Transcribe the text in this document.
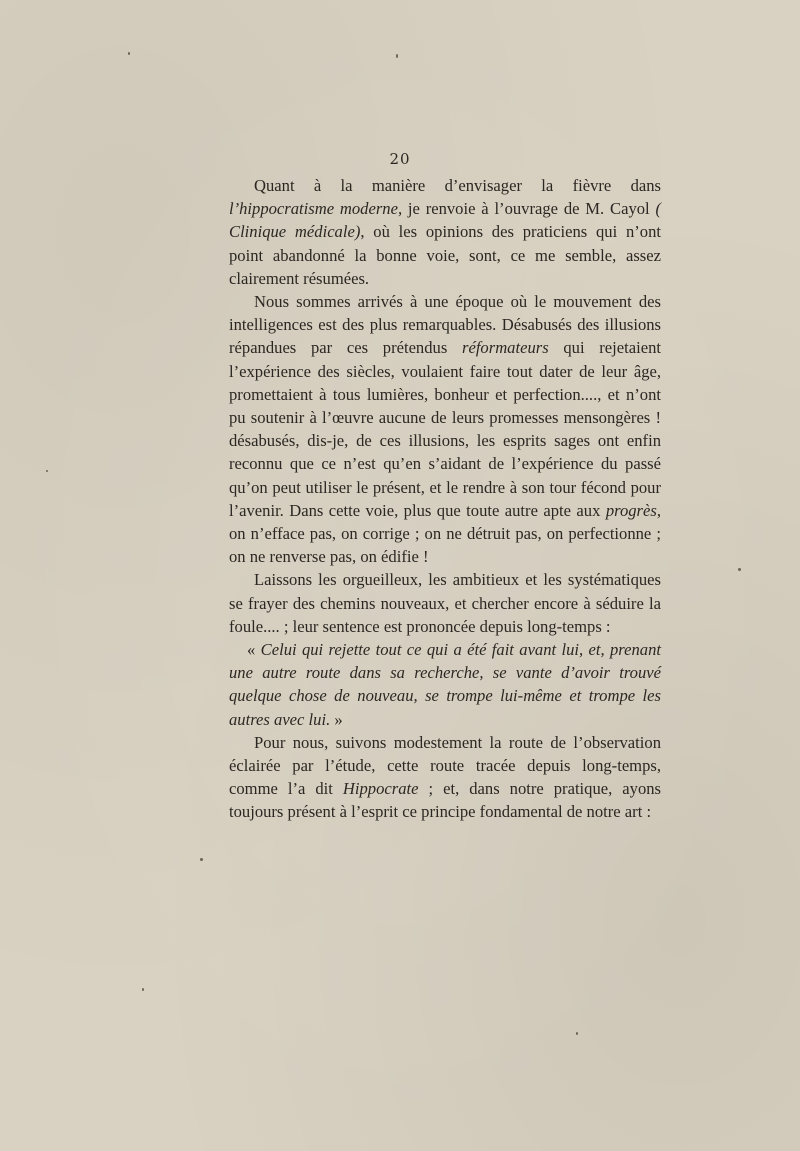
20

Quant à la manière d’envisager la fièvre dans l’hippocratisme moderne, je renvoie à l’ouvrage de M. Cayol ( Clinique médicale), où les opinions des praticiens qui n’ont point abandonné la bonne voie, sont, ce me semble, assez clairement résumées.

Nous sommes arrivés à une époque où le mouvement des intelligences est des plus remarquables. Désabusés des illusions répandues par ces prétendus réformateurs qui rejetaient l’expérience des siècles, voulaient faire tout dater de leur âge, promettaient à tous lumières, bonheur et perfection...., et n’ont pu soutenir à l’œuvre aucune de leurs promesses mensongères ! désabusés, dis-je, de ces illusions, les esprits sages ont enfin reconnu que ce n’est qu’en s’aidant de l’expérience du passé qu’on peut utiliser le présent, et le rendre à son tour fécond pour l’avenir. Dans cette voie, plus que toute autre apte aux progrès, on n’efface pas, on corrige ; on ne détruit pas, on perfectionne ; on ne renverse pas, on édifie !

Laissons les orgueilleux, les ambitieux et les systématiques se frayer des chemins nouveaux, et chercher encore à séduire la foule.... ; leur sentence est prononcée depuis long-temps :

« Celui qui rejette tout ce qui a été fait avant lui, et, prenant une autre route dans sa recherche, se vante d’avoir trouvé quelque chose de nouveau, se trompe lui-même et trompe les autres avec lui. »

Pour nous, suivons modestement la route de l’observation éclairée par l’étude, cette route tracée depuis long-temps, comme l’a dit Hippocrate ; et, dans notre pratique, ayons toujours présent à l’esprit ce principe fondamental de notre art :
